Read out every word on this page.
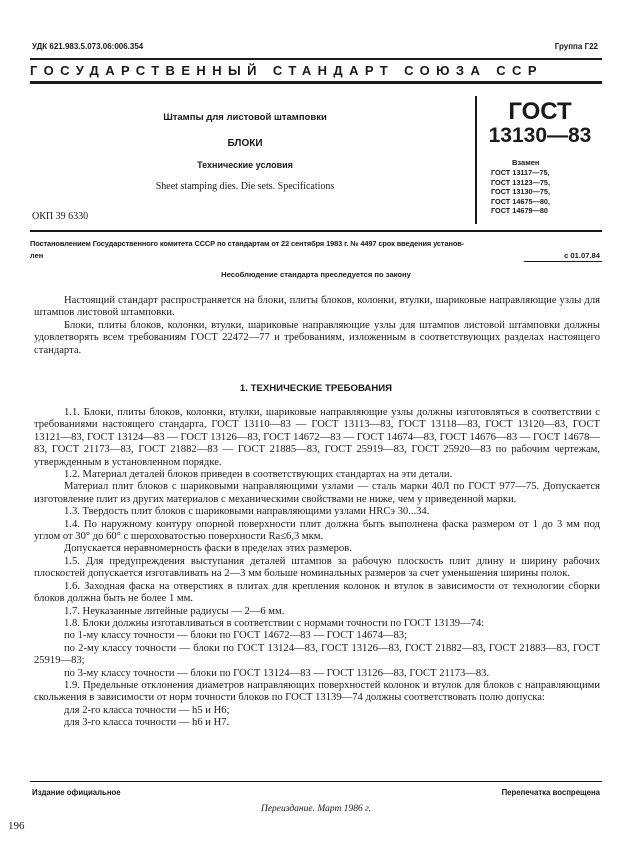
УДК 621.983.5.073.06:006.354	Группа Г22
ГОСУДАРСТВЕННЫЙ СТАНДАРТ СОЮЗА ССР
Штампы для листовой штамповки
БЛОКИ
Технические условия
Sheet stamping dies. Die sets. Specifications
ОКП 39 6330
ГОСТ
13130—83
Взамен
ГОСТ 13117—75,
ГОСТ 13123—75,
ГОСТ 13130—75,
ГОСТ 14675—80,
ГОСТ 14679—80
Постановлением Государственного комитета СССР по стандартам от 22 сентября 1983 г. № 4497 срок введения установ-
лен	с 01.07.84
Несоблюдение стандарта преследуется по закону
Настоящий стандарт распространяется на блоки, плиты блоков, колонки, втулки, шариковые направляющие узлы для штампов листовой штамповки.
Блоки, плиты блоков, колонки, втулки, шариковые направляющие узлы для штампов листовой штамповки должны удовлетворять всем требованиям ГОСТ 22472—77 и требованиям, изложенным в соответствующих разделах настоящего стандарта.
1. ТЕХНИЧЕСКИЕ ТРЕБОВАНИЯ
1.1. Блоки, плиты блоков, колонки, втулки, шариковые направляющие узлы должны изготовляться в соответствии с требованиями настоящего стандарта, ГОСТ 13110—83 — ГОСТ 13113—83, ГОСТ 13118—83, ГОСТ 13120—83, ГОСТ 13121—83, ГОСТ 13124—83 — ГОСТ 13126—83, ГОСТ 14672—83 — ГОСТ 14674—83, ГОСТ 14676—83 — ГОСТ 14678—83, ГОСТ 21173—83, ГОСТ 21882—83 — ГОСТ 21885—83, ГОСТ 25919—83, ГОСТ 25920—83 по рабочим чертежам, утвержденным в установленном порядке.
1.2. Материал деталей блоков приведен в соответствующих стандартах на эти детали.
Материал плит блоков с шариковыми направляющими узлами — сталь марки 40Л по ГОСТ 977—75. Допускается изготовление плит из других материалов с механическими свойствами не ниже, чем у приведенной марки.
1.3. Твердость плит блоков с шариковыми направляющими узлами HRCэ 30...34.
1.4. По наружному контуру опорной поверхности плит должна быть выполнена фаска размером от 1 до 3 мм под углом от 30° до 60° с шероховатостью поверхности Ra≤6,3 мкм.
Допускается неравномерность фаски в пределах этих размеров.
1.5. Для предупреждения выступания деталей штампов за рабочую плоскость плит длину и ширину рабочих плоскостей допускается изготавливать на 2—3 мм больше номинальных размеров за счет уменьшения ширины полок.
1.6. Заходная фаска на отверстиях в плитах для крепления колонок и втулок в зависимости от технологии сборки блоков должна быть не более 1 мм.
1.7. Неуказанные литейные радиусы — 2—6 мм.
1.8. Блоки должны изготавливаться в соответствии с нормами точности по ГОСТ 13139—74:
по 1-му классу точности — блоки по ГОСТ 14672—83 — ГОСТ 14674—83;
по 2-му классу точности — блоки по ГОСТ 13124—83, ГОСТ 13126—83, ГОСТ 21882—83, ГОСТ 21883—83, ГОСТ 25919—83;
по 3-му классу точности — блоки по ГОСТ 13124—83 — ГОСТ 13126—83, ГОСТ 21173—83.
1.9. Предельные отклонения диаметров направляющих поверхностей колонок и втулок для блоков с направляющими скольжения в зависимости от норм точности блоков по ГОСТ 13139—74 должны соответствовать полю допуска:
для 2-го класса точности — h5 и H6;
для 3-го класса точности — h6 и H7.
Издание официальное	Перепечатка воспрещена
Переиздание. Март 1986 г.
196
